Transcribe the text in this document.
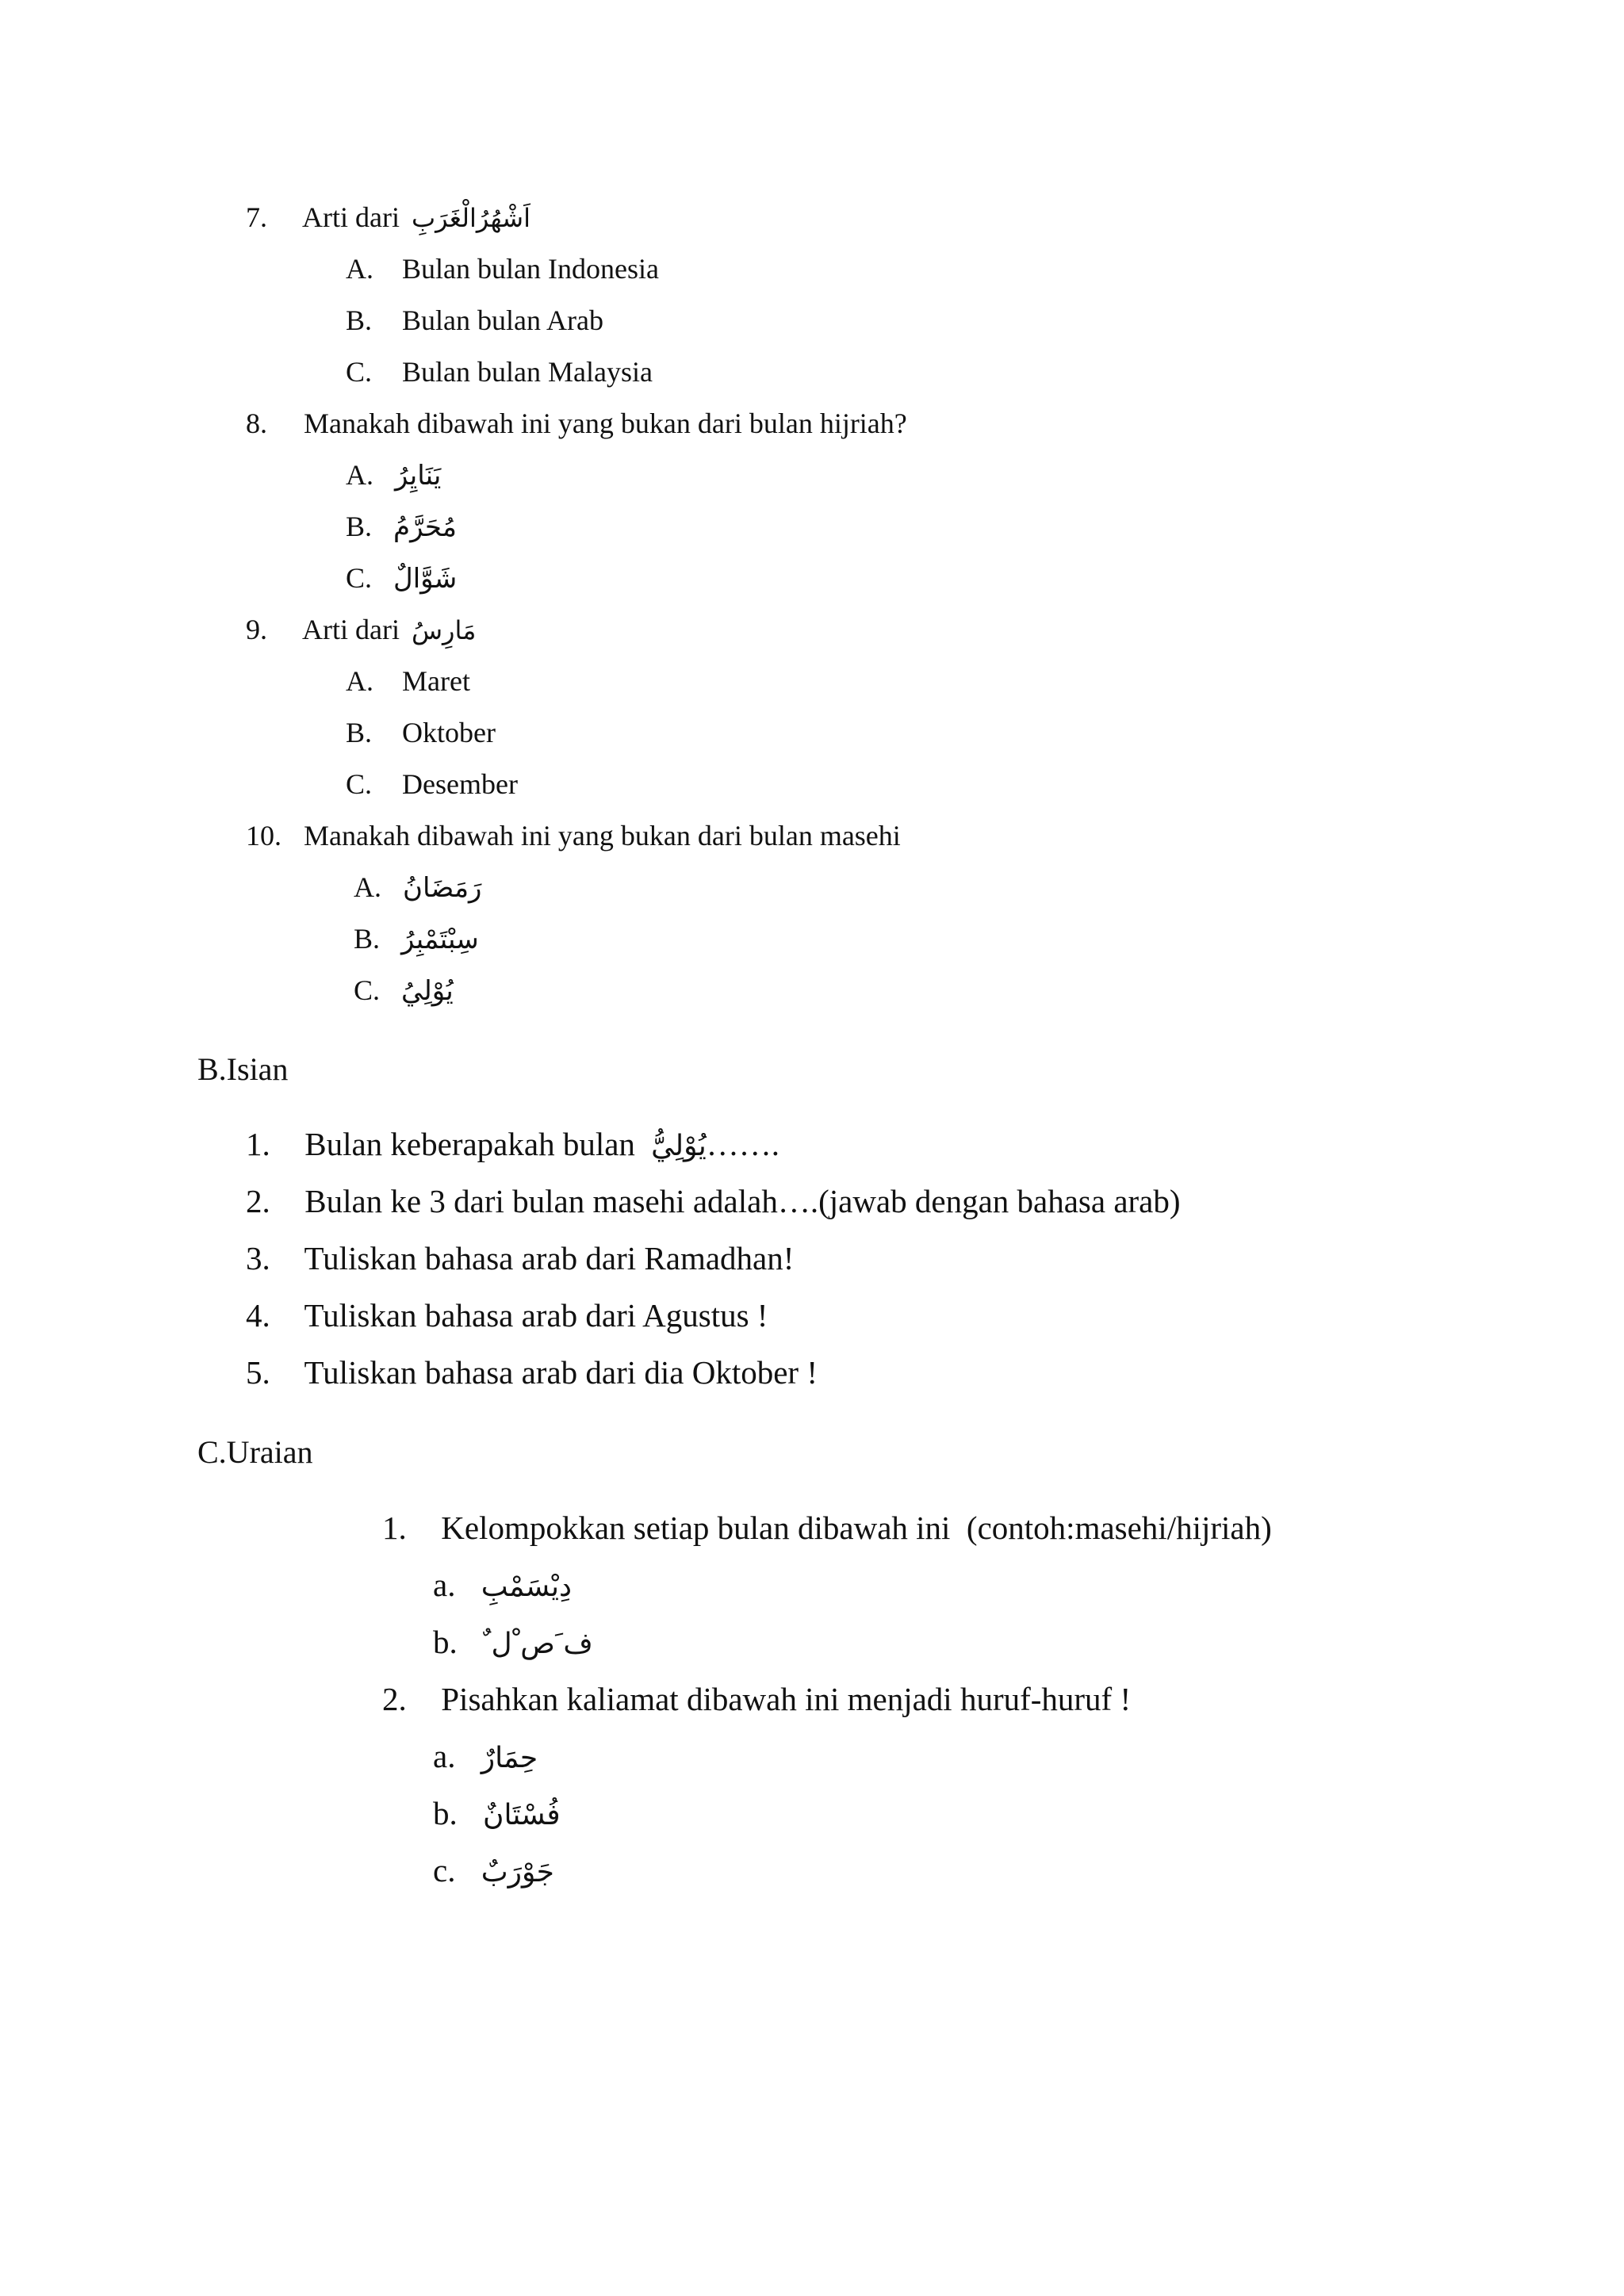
7. Arti dari اَشْهُرُالْغَرَبِ
A. Bulan bulan Indonesia
B. Bulan bulan Arab
C. Bulan bulan Malaysia
8. Manakah dibawah ini yang bukan dari bulan hijriah?
A. يَنَايِرُ
B. مُحَرَّمُ
C. شَوَّالٌ
9. Arti dari مَارِسُ
A. Maret
B. Oktober
C. Desember
10. Manakah dibawah ini yang bukan dari bulan masehi
A. رَمَضَانُ
B. سِبْتَمْبِرُ
C. يُوْلِيُ
B.Isian
1. Bulan keberapakah bulan يُوْلِيُّ…….
2. Bulan ke 3 dari bulan masehi adalah….(jawab dengan bahasa arab)
3. Tuliskan bahasa arab dari Ramadhan!
4. Tuliskan bahasa arab dari Agustus !
5. Tuliskan bahasa arab dari dia Oktober !
C.Uraian
1. Kelompokkan setiap bulan dibawah ini  (contoh:masehi/hijriah)
a. دِيْسَمْبِ
b. ف َص ْل ٌ
2. Pisahkan kaliamat dibawah ini menjadi huruf-huruf !
a. حِمَارٌ
b. فُسْتَانٌ
c. جَوْرَبٌ
